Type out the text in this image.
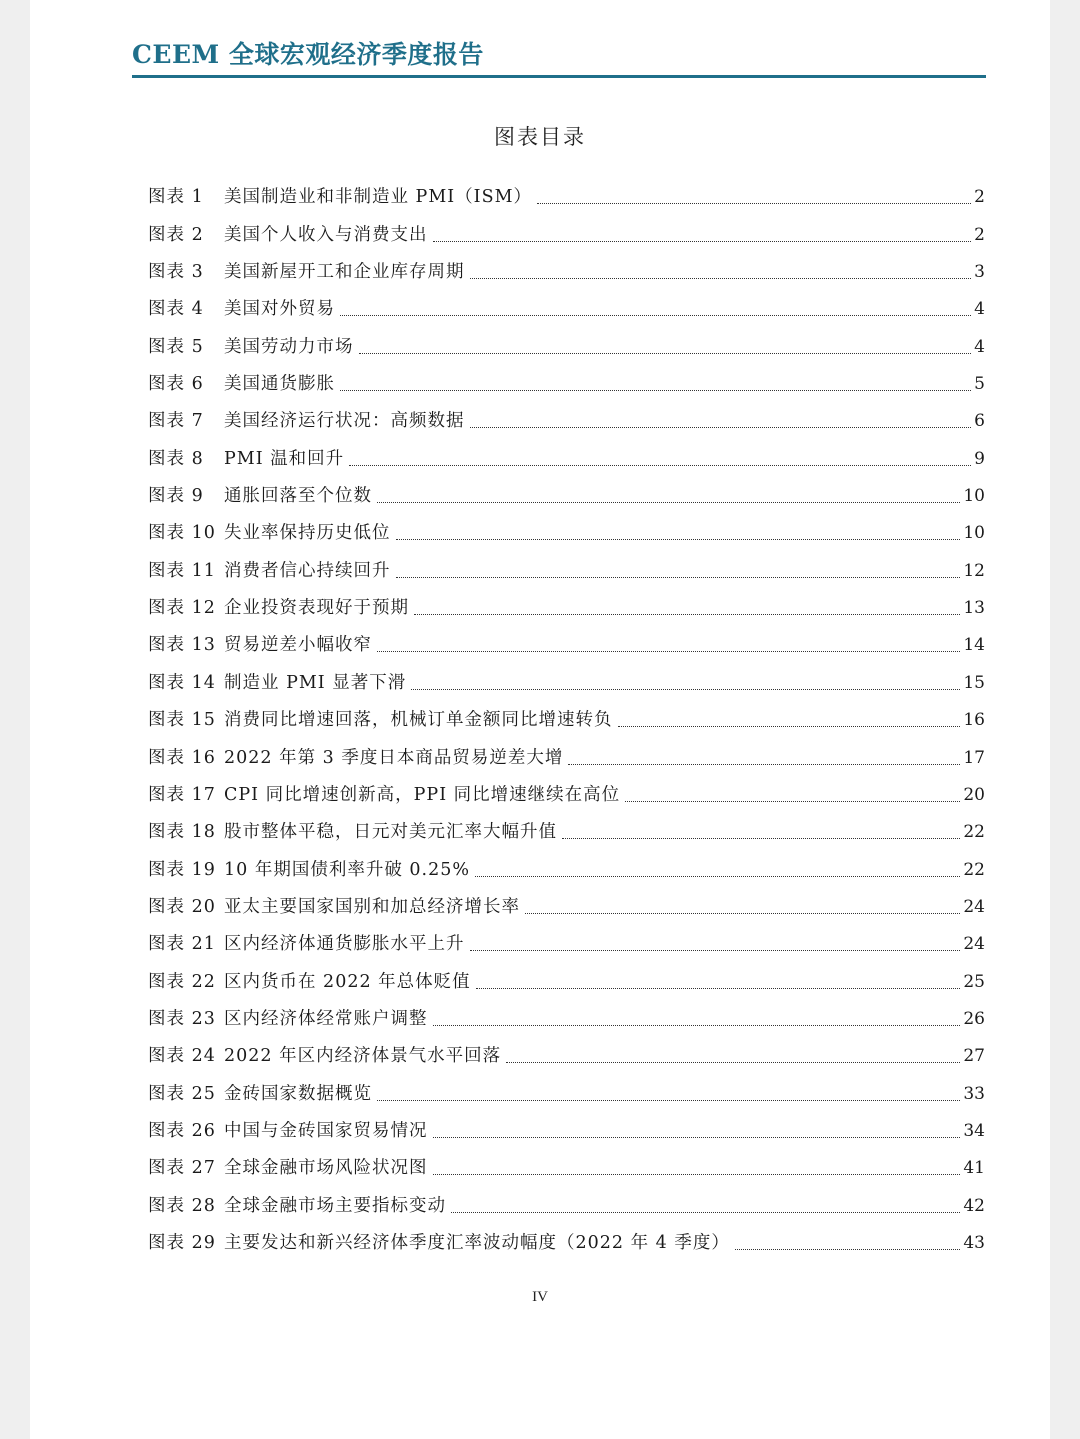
CEEM 全球宏观经济季度报告
图表目录
图表 1	美国制造业和非制造业 PMI（ISM）	2
图表 2	美国个人收入与消费支出	2
图表 3	美国新屋开工和企业库存周期	3
图表 4	美国对外贸易	4
图表 5	美国劳动力市场	4
图表 6	美国通货膨胀	5
图表 7	美国经济运行状况：高频数据	6
图表 8	PMI 温和回升	9
图表 9	通胀回落至个位数	10
图表 10 失业率保持历史低位	10
图表 11 消费者信心持续回升	12
图表 12 企业投资表现好于预期	13
图表 13 贸易逆差小幅收窄	14
图表 14 制造业 PMI 显著下滑	15
图表 15 消费同比增速回落，机械订单金额同比增速转负	16
图表 16 2022 年第 3 季度日本商品贸易逆差大增	17
图表 17 CPI 同比增速创新高，PPI 同比增速继续在高位	20
图表 18 股市整体平稳，日元对美元汇率大幅升值	22
图表 19 10 年期国债利率升破 0.25%	22
图表 20 亚太主要国家国别和加总经济增长率	24
图表 21 区内经济体通货膨胀水平上升	24
图表 22 区内货币在 2022 年总体贬值	25
图表 23 区内经济体经常账户调整	26
图表 24 2022 年区内经济体景气水平回落	27
图表 25 金砖国家数据概览	33
图表 26 中国与金砖国家贸易情况	34
图表 27 全球金融市场风险状况图	41
图表 28 全球金融市场主要指标变动	42
图表 29 主要发达和新兴经济体季度汇率波动幅度（2022 年 4 季度）	43
IV
